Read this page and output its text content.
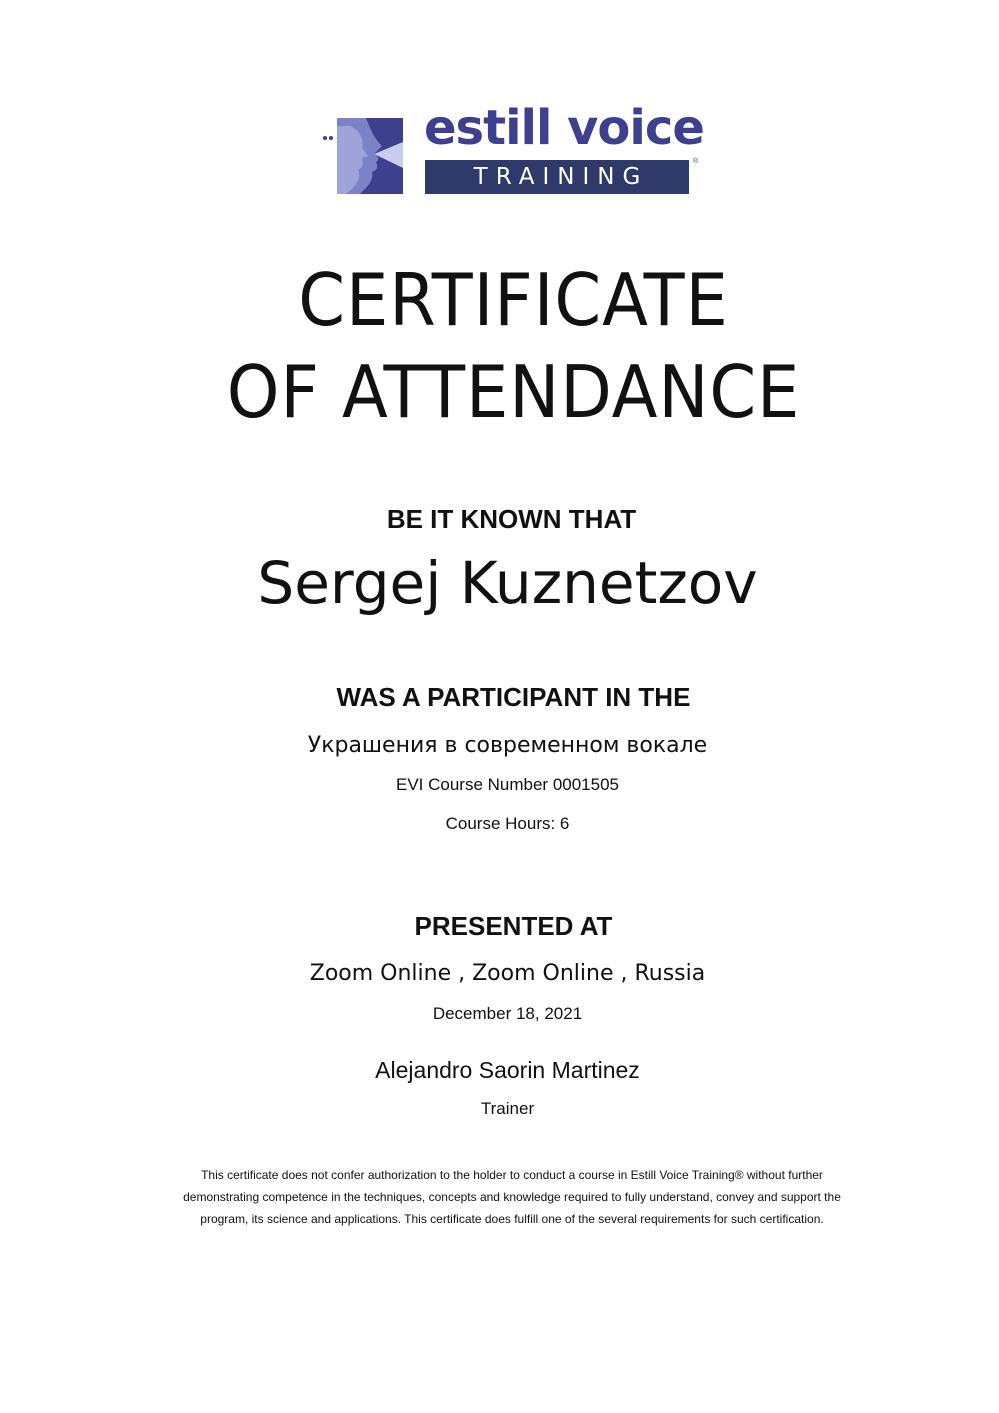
estill voice
TRAINING
®
CERTIFICATE
OF ATTENDANCE
BE IT KNOWN THAT
Sergej Kuznetzov
WAS A PARTICIPANT IN THE
Украшения в современном вокале
EVI Course Number 0001505
Course Hours: 6
PRESENTED AT
Zoom Online , Zoom Online , Russia
December 18, 2021
Alejandro Saorin Martinez
Trainer
This certificate does not confer authorization to the holder to conduct a course in Estill Voice Training® without further demonstrating competence in the techniques, concepts and knowledge required to fully understand, convey and support the program, its science and applications. This certificate does fulfill one of the several requirements for such certification.
